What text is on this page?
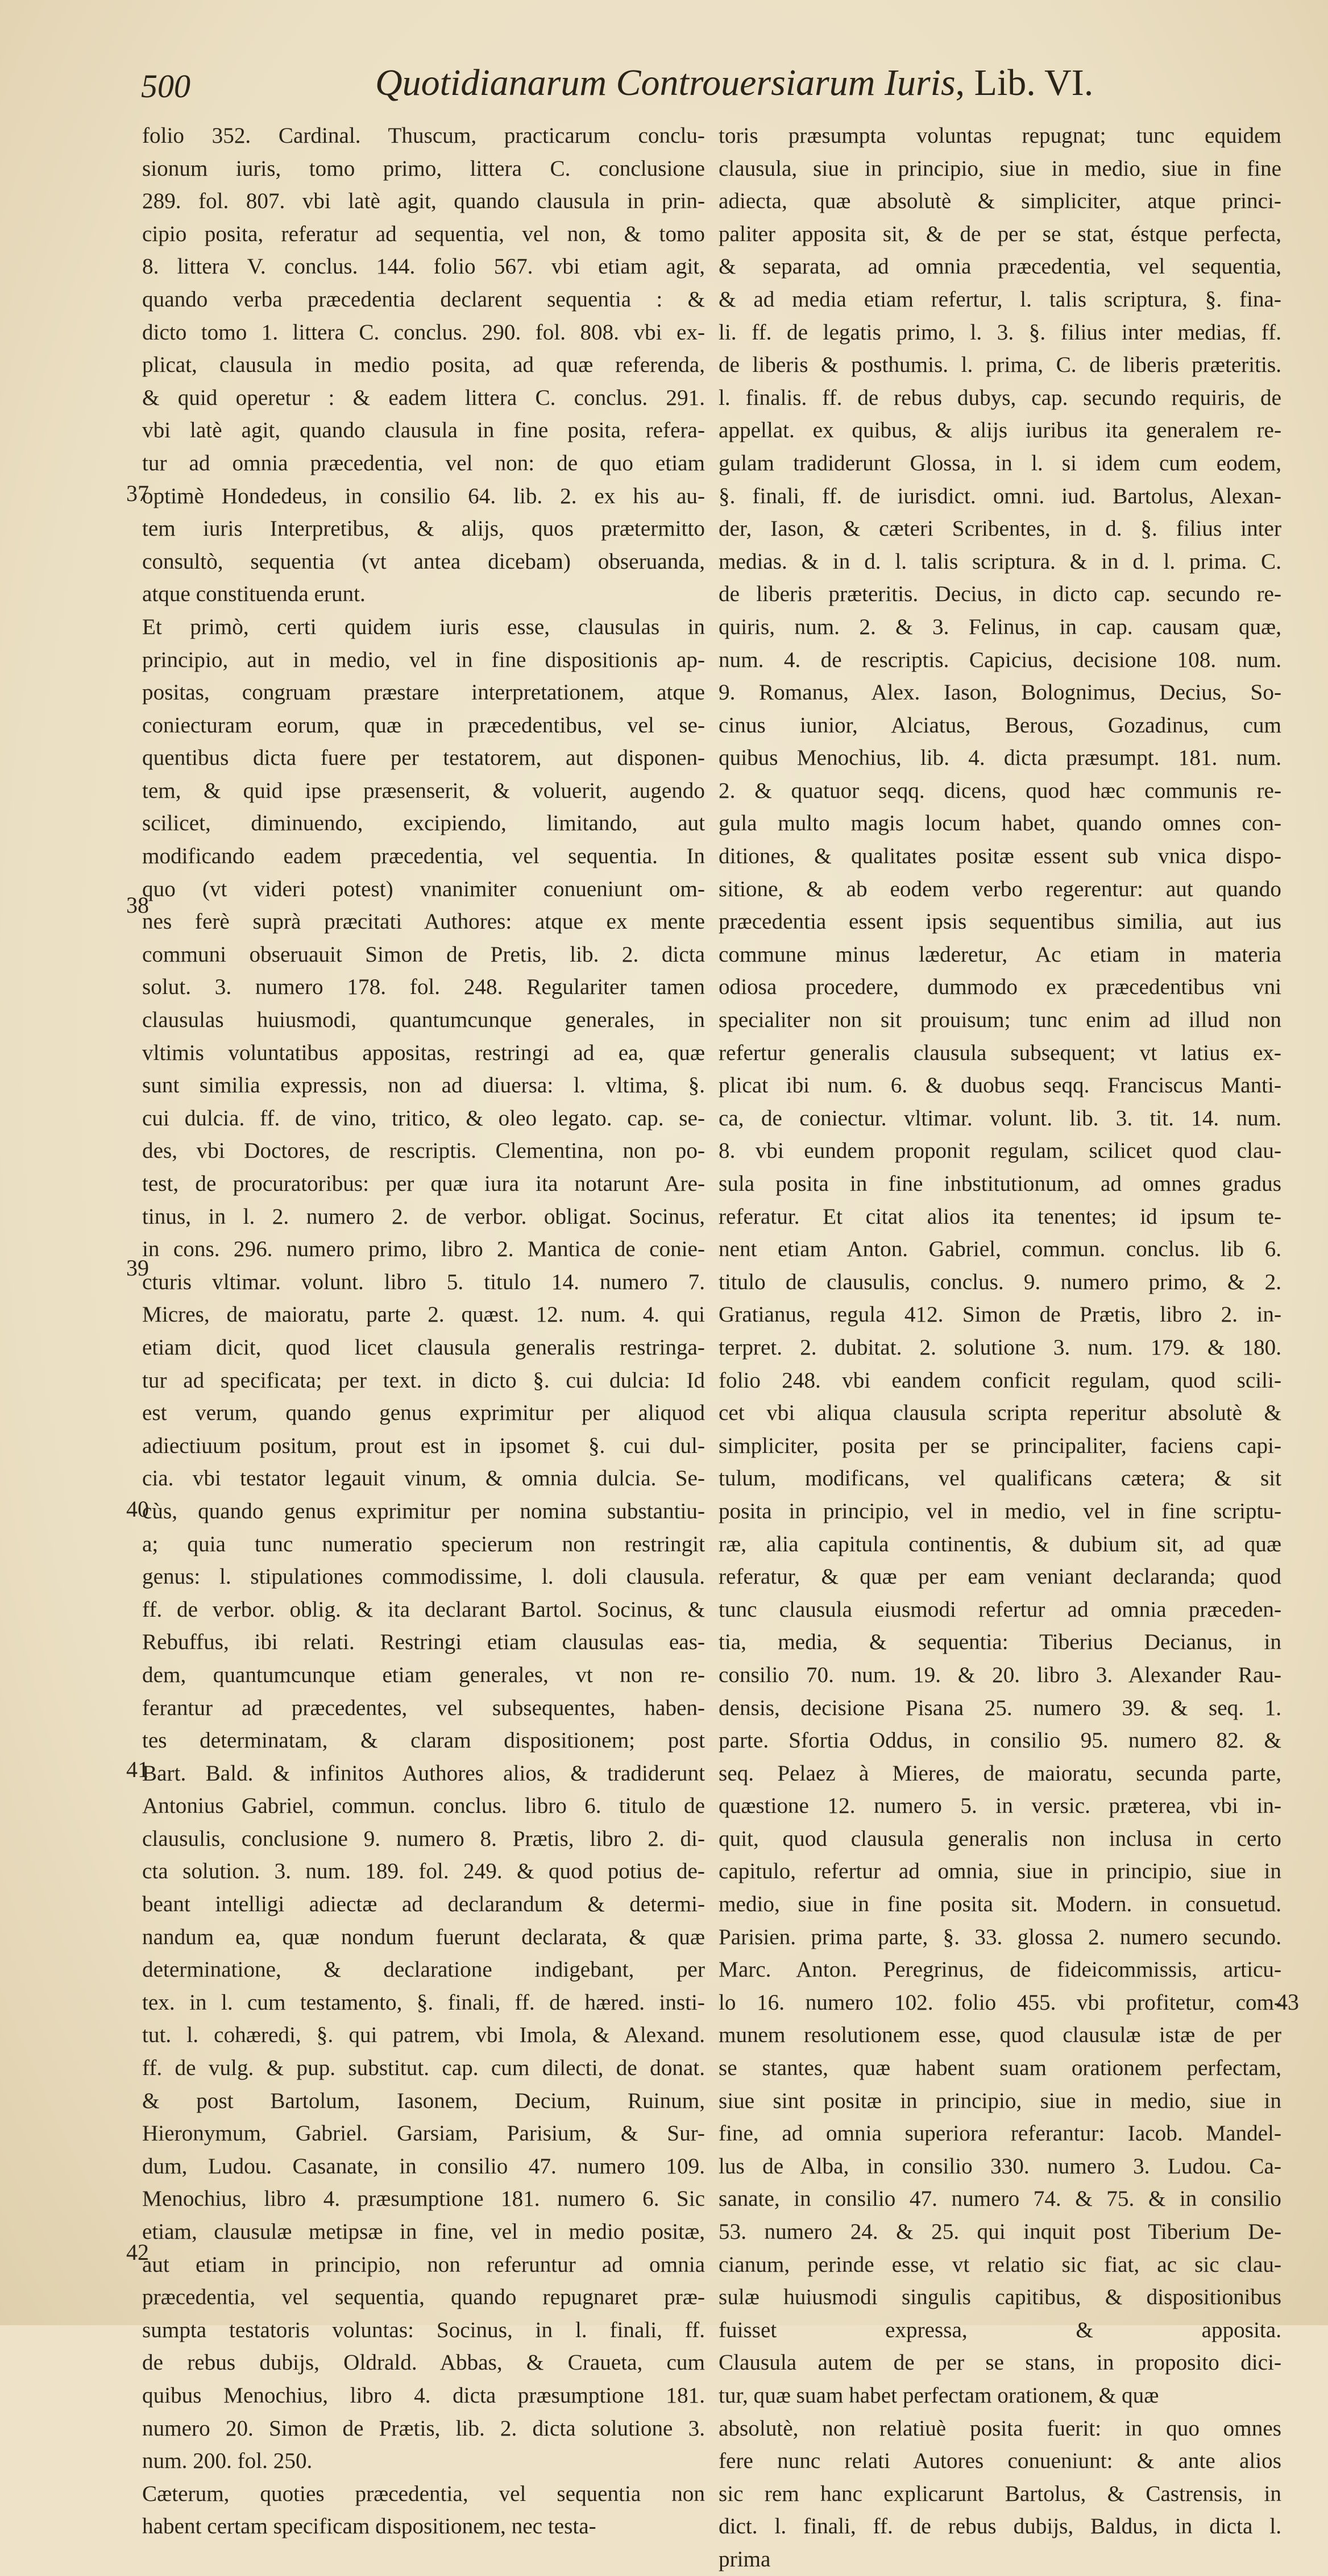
500	Quotidianarum Controuersiarum Iuris, Lib. VI.
folio 352. Cardinal. Thuscum, practicarum conclu-
sionum iuris, tomo primo, littera C. conclusione
289. fol. 807. vbi latè agit, quando clausula in prin-
cipio posita, referatur ad sequentia, vel non, & tomo
8. littera V. conclus. 144. folio 567. vbi etiam agit,
quando verba præcedentia declarent sequentia : &
dicto tomo 1. littera C. conclus. 290. fol. 808. vbi ex-
plicat, clausula in medio posita, ad quæ referenda,
& quid operetur : & eadem littera C. conclus. 291.
vbi latè agit, quando clausula in fine posita, refera-
tur ad omnia præcedentia, vel non: de quo etiam
optimè Hondedeus, in consilio 64. lib. 2. ex his au-
tem iuris Interpretibus, & alijs, quos prætermitto
consultò, sequentia (vt antea dicebam) obseruanda,
atque constituenda erunt.
Et primò, certi quidem iuris esse, clausulas in
principio, aut in medio, vel in fine dispositionis ap-
positas, congruam præstare interpretationem, atque
coniecturam eorum, quæ in præcedentibus, vel se-
quentibus dicta fuere per testatorem, aut disponen-
tem, & quid ipse præsenserit, & voluerit, augendo
scilicet, diminuendo, excipiendo, limitando, aut
modificando eadem præcedentia, vel sequentia. In
quo (vt videri potest) vnanimiter conueniunt om-
nes ferè suprà præcitati Authores: atque ex mente
communi obseruauit Simon de Pretis, lib. 2. dicta
solut. 3. numero 178. fol. 248. Regulariter tamen
clausulas huiusmodi, quantumcunque generales, in
vltimis voluntatibus appositas, restringi ad ea, quæ
sunt similia expressis, non ad diuersa: l. vltima, §.
cui dulcia. ff. de vino, tritico, & oleo legato. cap. se-
des, vbi Doctores, de rescriptis. Clementina, non po-
test, de procuratoribus: per quæ iura ita notarunt Are-
tinus, in l. 2. numero 2. de verbor. obligat. Socinus,
in cons. 296. numero primo, libro 2. Mantica de conie-
cturis vltimar. volunt. libro 5. titulo 14. numero 7.
Micres, de maioratu, parte 2. quæst. 12. num. 4. qui
etiam dicit, quod licet clausula generalis restringa-
tur ad specificata; per text. in dicto §. cui dulcia: Id
est verum, quando genus exprimitur per aliquod
adiectiuum positum, prout est in ipsomet §. cui dul-
cia. vbi testator legauit vinum, & omnia dulcia. Se-
cùs, quando genus exprimitur per nomina substantiu-
a; quia tunc numeratio specierum non restringit
genus: l. stipulationes commodissime, l. doli clausula.
ff. de verbor. oblig. & ita declarant Bartol. Socinus, &
Rebuffus, ibi relati. Restringi etiam clausulas eas-
dem, quantumcunque etiam generales, vt non re-
ferantur ad præcedentes, vel subsequentes, haben-
tes determinatam, & claram dispositionem; post
Bart. Bald. & infinitos Authores alios, & tradiderunt
Antonius Gabriel, commun. conclus. libro 6. titulo de
clausulis, conclusione 9. numero 8. Prætis, libro 2. di-
cta solution. 3. num. 189. fol. 249. & quod potius de-
beant intelligi adiectæ ad declarandum & determi-
nandum ea, quæ nondum fuerunt declarata, & quæ
determinatione, & declaratione indigebant, per
tex. in l. cum testamento, §. finali, ff. de hæred. insti-
tut. l. cohæredi, §. qui patrem, vbi Imola, & Alexand.
ff. de vulg. & pup. substitut. cap. cum dilecti, de donat.
& post Bartolum, Iasonem, Decium, Ruinum,
Hieronymum, Gabriel. Garsiam, Parisium, & Sur-
dum, Ludou. Casanate, in consilio 47. numero 109.
Menochius, libro 4. præsumptione 181. numero 6. Sic
etiam, clausulæ metipsæ in fine, vel in medio positæ,
aut etiam in principio, non referuntur ad omnia
præcedentia, vel sequentia, quando repugnaret præ-
sumpta testatoris voluntas: Socinus, in l. finali, ff.
de rebus dubijs, Oldrald. Abbas, & Craueta, cum
quibus Menochius, libro 4. dicta præsumptione 181.
numero 20. Simon de Prætis, lib. 2. dicta solutione 3.
num. 200. fol. 250.
Cæterum, quoties præcedentia, vel sequentia non
habent certam specificam dispositionem, nec testa-
toris præsumpta voluntas repugnat; tunc equidem
clausula, siue in principio, siue in medio, siue in fine
adiecta, quæ absolutè & simpliciter, atque princi-
paliter apposita sit, & de per se stat, éstque perfecta,
& separata, ad omnia præcedentia, vel sequentia,
& ad media etiam refertur, l. talis scriptura, §. fina-
li. ff. de legatis primo, l. 3. §. filius inter medias, ff.
de liberis & posthumis. l. prima, C. de liberis præteritis.
l. finalis. ff. de rebus dubys, cap. secundo requiris, de
appellat. ex quibus, & alijs iuribus ita generalem re-
gulam tradiderunt Glossa, in l. si idem cum eodem,
§. finali, ff. de iurisdict. omni. iud. Bartolus, Alexan-
der, Iason, & cæteri Scribentes, in d. §. filius inter
medias. & in d. l. talis scriptura. & in d. l. prima. C.
de liberis præteritis. Decius, in dicto cap. secundo re-
quiris, num. 2. & 3. Felinus, in cap. causam quæ,
num. 4. de rescriptis. Capicius, decisione 108. num.
9. Romanus, Alex. Iason, Bolognimus, Decius, So-
cinus iunior, Alciatus, Berous, Gozadinus, cum
quibus Menochius, lib. 4. dicta præsumpt. 181. num.
2. & quatuor seqq. dicens, quod hæc communis re-
gula multo magis locum habet, quando omnes con-
ditiones, & qualitates positæ essent sub vnica dispo-
sitione, & ab eodem verbo regerentur: aut quando
præcedentia essent ipsis sequentibus similia, aut ius
commune minus læderetur, Ac etiam in materia
odiosa procedere, dummodo ex præcedentibus vni
specialiter non sit prouisum; tunc enim ad illud non
refertur generalis clausula subsequent; vt latius ex-
plicat ibi num. 6. & duobus seqq. Franciscus Manti-
ca, de coniectur. vltimar. volunt. lib. 3. tit. 14. num.
8. vbi eundem proponit regulam, scilicet quod clau-
sula posita in fine inbstitutionum, ad omnes gradus
referatur. Et citat alios ita tenentes; id ipsum te-
nent etiam Anton. Gabriel, commun. conclus. lib 6.
titulo de clausulis, conclus. 9. numero primo, & 2.
Gratianus, regula 412. Simon de Prætis, libro 2. in-
terpret. 2. dubitat. 2. solutione 3. num. 179. & 180.
folio 248. vbi eandem conficit regulam, quod scili-
cet vbi aliqua clausula scripta reperitur absolutè &
simpliciter, posita per se principaliter, faciens capi-
tulum, modificans, vel qualificans cætera; & sit
posita in principio, vel in medio, vel in fine scriptu-
ræ, alia capitula continentis, & dubium sit, ad quæ
referatur, & quæ per eam veniant declaranda; quod
tunc clausula eiusmodi refertur ad omnia præceden-
tia, media, & sequentia: Tiberius Decianus, in
consilio 70. num. 19. & 20. libro 3. Alexander Rau-
densis, decisione Pisana 25. numero 39. & seq. 1.
parte. Sfortia Oddus, in consilio 95. numero 82. &
seq. Pelaez à Mieres, de maioratu, secunda parte,
quæstione 12. numero 5. in versic. præterea, vbi in-
quit, quod clausula generalis non inclusa in certo
capitulo, refertur ad omnia, siue in principio, siue in
medio, siue in fine posita sit. Modern. in consuetud.
Parisien. prima parte, §. 33. glossa 2. numero secundo.
Marc. Anton. Peregrinus, de fideicommissis, articu-
lo 16. numero 102. folio 455. vbi profitetur, com-
munem resolutionem esse, quod clausulæ istæ de per
se stantes, quæ habent suam orationem perfectam,
siue sint positæ in principio, siue in medio, siue in
fine, ad omnia superiora referantur: Iacob. Mandel-
lus de Alba, in consilio 330. numero 3. Ludou. Ca-
sanate, in consilio 47. numero 74. & 75. & in consilio
53. numero 24. & 25. qui inquit post Tiberium De-
cianum, perinde esse, vt relatio sic fiat, ac sic clau-
sulæ huiusmodi singulis capitibus, & dispositionibus
fuisset expressa, & apposita.
Clausula autem de per se stans, in proposito dici-
tur, quæ suam habet perfectam orationem, & quæ
absolutè, non relatiuè posita fuerit: in quo omnes
fere nunc relati Autores conueniunt: & ante alios
sic rem hanc explicarunt Bartolus, & Castrensis, in
dict. l. finali, ff. de rebus dubijs, Baldus, in dicta l.
prima
37
38
39
40
41
42
43
